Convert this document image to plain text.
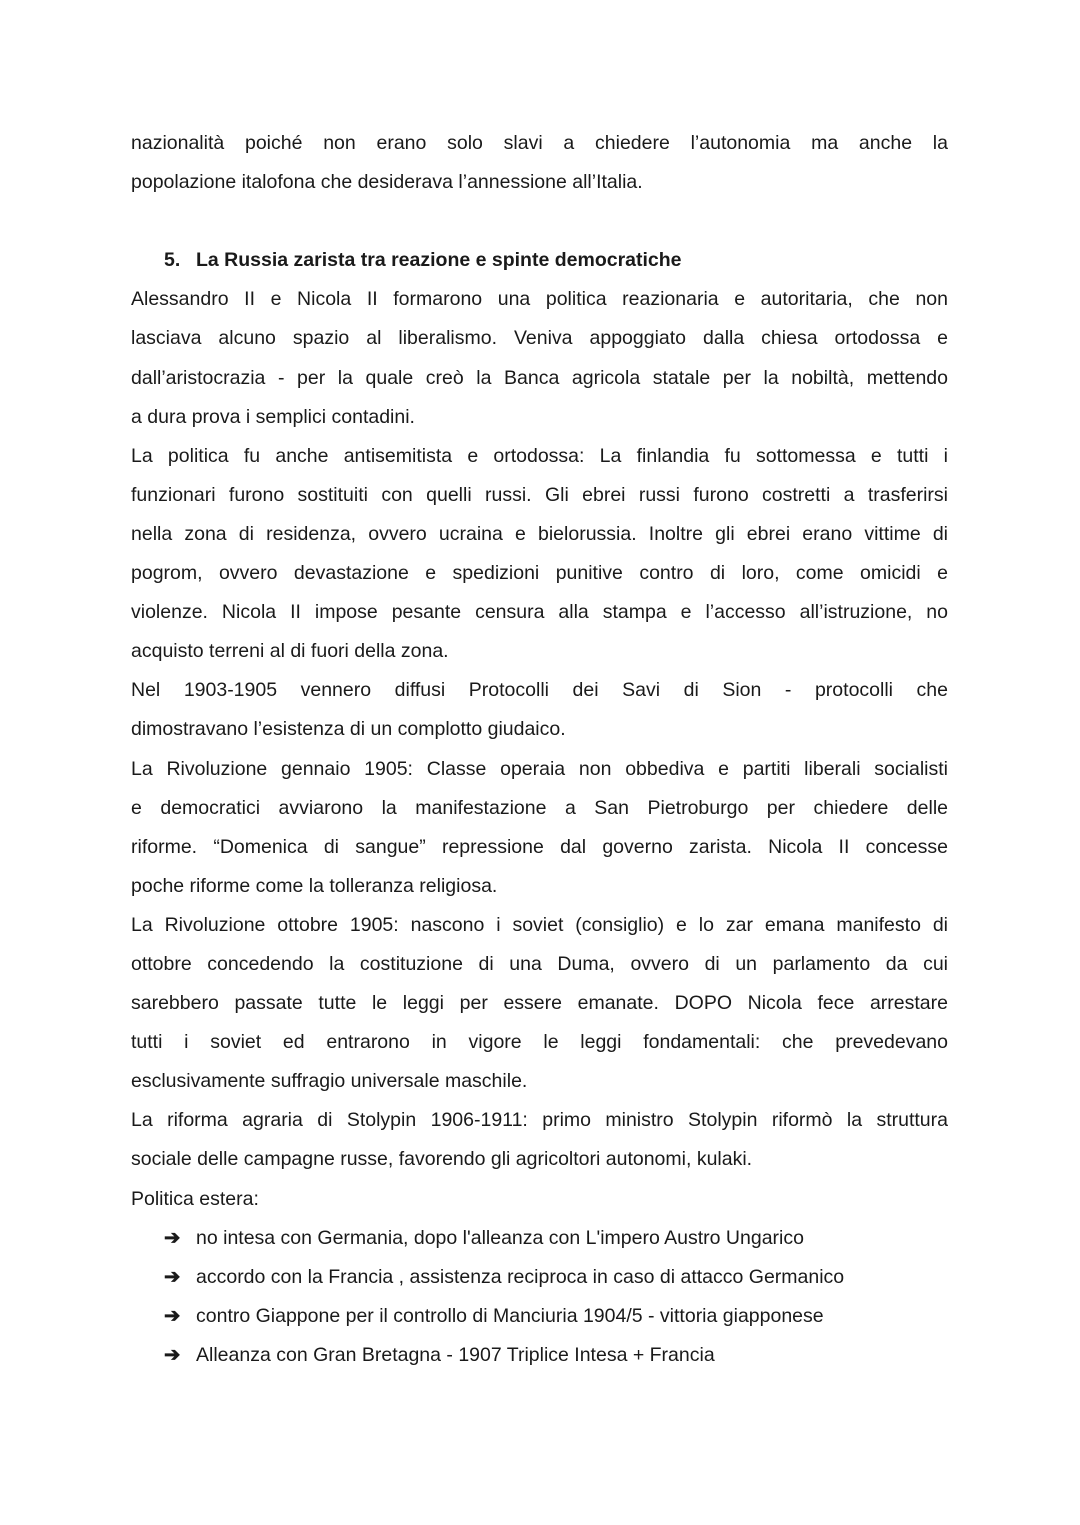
nazionalità poiché non erano solo slavi a chiedere l’autonomia ma anche la
popolazione italofona che desiderava l’annessione all’Italia.
5. La Russia zarista tra reazione e spinte democratiche
Alessandro II e Nicola II formarono una politica reazionaria e autoritaria, che non
lasciava alcuno spazio al liberalismo. Veniva appoggiato dalla chiesa ortodossa e
dall’aristocrazia - per la quale creò la Banca agricola statale per la nobiltà, mettendo
a dura prova i semplici contadini.
La politica fu anche antisemitista e ortodossa: La finlandia fu sottomessa e tutti i
funzionari furono sostituiti con quelli russi. Gli ebrei russi furono costretti a trasferirsi
nella zona di residenza, ovvero ucraina e bielorussia. Inoltre gli ebrei erano vittime di
pogrom, ovvero devastazione e spedizioni punitive contro di loro, come omicidi e
violenze. Nicola II impose pesante censura alla stampa e l’accesso all’istruzione, no
acquisto terreni al di fuori della zona.
Nel 1903-1905 vennero diffusi Protocolli dei Savi di Sion - protocolli che
dimostravano l’esistenza di un complotto giudaico.
La Rivoluzione gennaio 1905: Classe operaia non obbediva e partiti liberali socialisti
e democratici avviarono la manifestazione a San Pietroburgo per chiedere delle
riforme. “Domenica di sangue” repressione dal governo zarista. Nicola II concesse
poche riforme come la tolleranza religiosa.
La Rivoluzione ottobre 1905: nascono i soviet (consiglio) e lo zar emana manifesto di
ottobre concedendo la costituzione di una Duma, ovvero di un parlamento da cui
sarebbero passate tutte le leggi per essere emanate. DOPO Nicola fece arrestare
tutti i soviet ed entrarono in vigore le leggi fondamentali: che prevedevano
esclusivamente suffragio universale maschile.
La riforma agraria di Stolypin 1906-1911: primo ministro Stolypin riformò la struttura
sociale delle campagne russe, favorendo gli agricoltori autonomi, kulaki.
Politica estera:
➔ no intesa con Germania, dopo l'alleanza con L'impero Austro Ungarico
➔ accordo con la Francia , assistenza reciproca in caso di attacco Germanico
➔ contro Giappone per il controllo di Manciuria 1904/5 - vittoria giapponese
➔ Alleanza con Gran Bretagna - 1907 Triplice Intesa + Francia
